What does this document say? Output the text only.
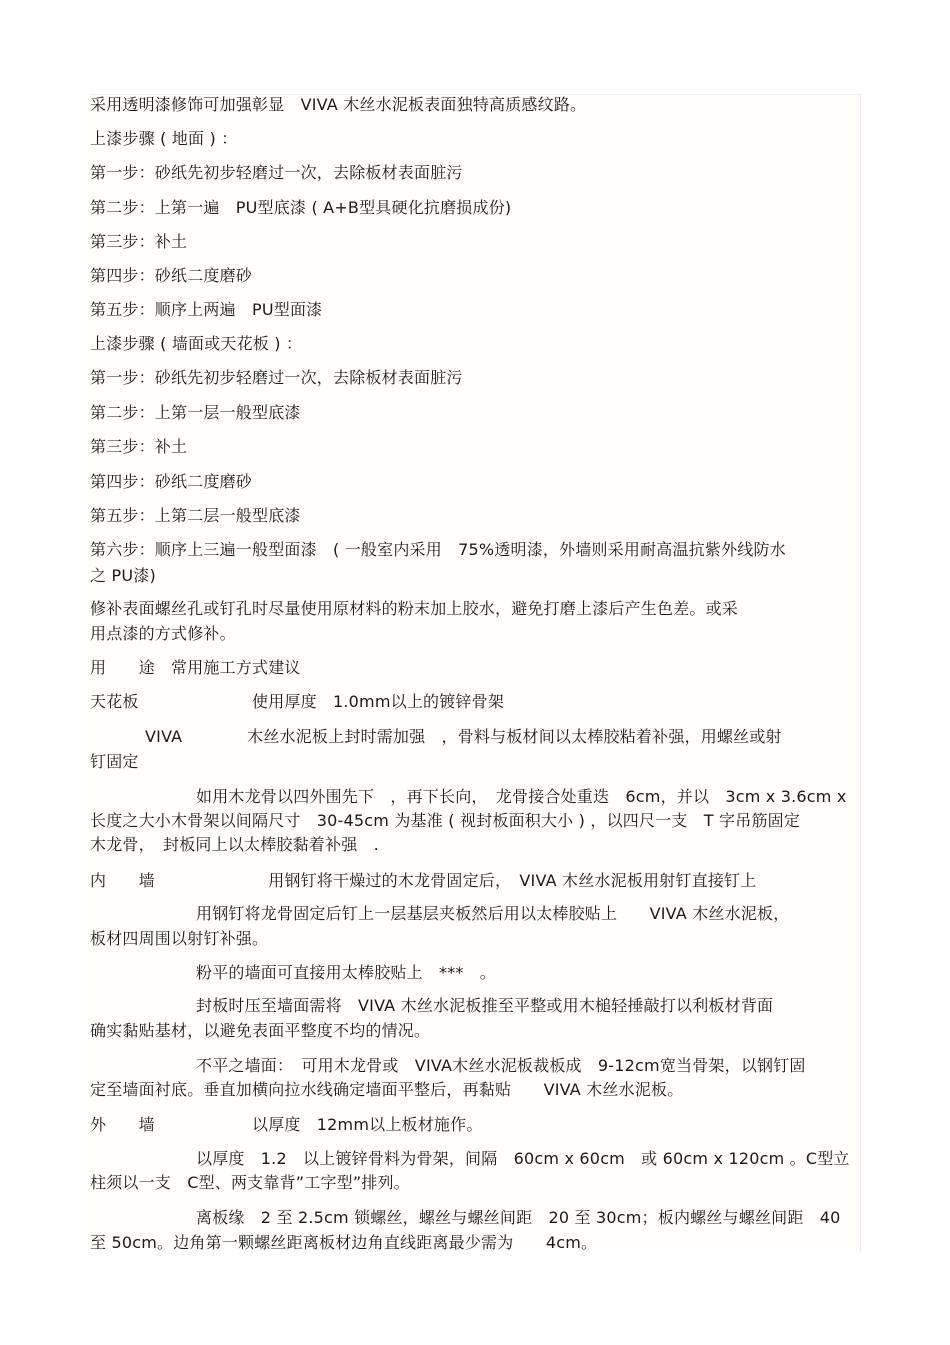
采用透明漆修饰可加强彰显　VIVA 木丝水泥板表面独特高质感纹路。
上漆步骤 ( 地面 ) ：
第一步：砂纸先初步轻磨过一次，去除板材表面脏污
第二步：上第一遍　PU型底漆 ( A+B型具硬化抗磨损成份)
第三步：补土
第四步：砂纸二度磨砂
第五步：顺序上两遍　PU型面漆
上漆步骤 ( 墙面或天花板 ) ：
第一步：砂纸先初步轻磨过一次，去除板材表面脏污
第二步：上第一层一般型底漆
第三步：补土
第四步：砂纸二度磨砂
第五步：上第二层一般型底漆
第六步：顺序上三遍一般型面漆　( 一般室内采用　75%透明漆，外墙则采用耐高温抗紫外线防水
之 PU漆)
修补表面螺丝孔或钉孔时尽量使用原材料的粉末加上胶水，避免打磨上漆后产生色差。或采
用点漆的方式修补。
用　　途　常用施工方式建议
天花板　　　　　　　使用厚度　1.0mm以上的镀锌骨架
VIVA　　　　木丝水泥板上封时需加强　，骨料与板材间以太棒胶粘着补强，用螺丝或射
钉固定
如用木龙骨以四外围先下　，再下长向，　龙骨接合处重迭　6cm，并以　3cm x 3.6cm x
长度之大小木骨架以间隔尺寸　30-45cm 为基准 ( 视封板面积大小 ) ，以四尺一支　T 字吊筋固定
木龙骨，　封板同上以太棒胶黏着补强　.
内　　墙　　　　　　　用钢钉将干燥过的木龙骨固定后，　VIVA 木丝水泥板用射钉直接钉上
用钢钉将龙骨固定后钉上一层基层夹板然后用以太棒胶贴上　　VIVA 木丝水泥板，
板材四周围以射钉补强。
粉平的墙面可直接用太棒胶贴上　***　。
封板时压至墙面需将　VIVA 木丝水泥板推至平整或用木槌轻捶敲打以利板材背面
确实黏贴基材，以避免表面平整度不均的情况。
不平之墙面：　可用木龙骨或　VIVA木丝水泥板裁板成　9-12cm宽当骨架，以钢钉固
定至墙面衬底。垂直加横向拉水线确定墙面平整后，再黏贴　　VIVA 木丝水泥板。
外　　墙　　　　　　以厚度　12mm以上板材施作。
以厚度　1.2　以上镀锌骨料为骨架，间隔　60cm x 60cm　或 60cm x 120cm 。C型立
柱须以一支　C型、两支靠背”工字型”排列。
离板缘　2 至 2.5cm 锁螺丝，螺丝与螺丝间距　20 至 30cm；板内螺丝与螺丝间距　40
至 50cm。边角第一颗螺丝距离板材边角直线距离最少需为　　4cm。
